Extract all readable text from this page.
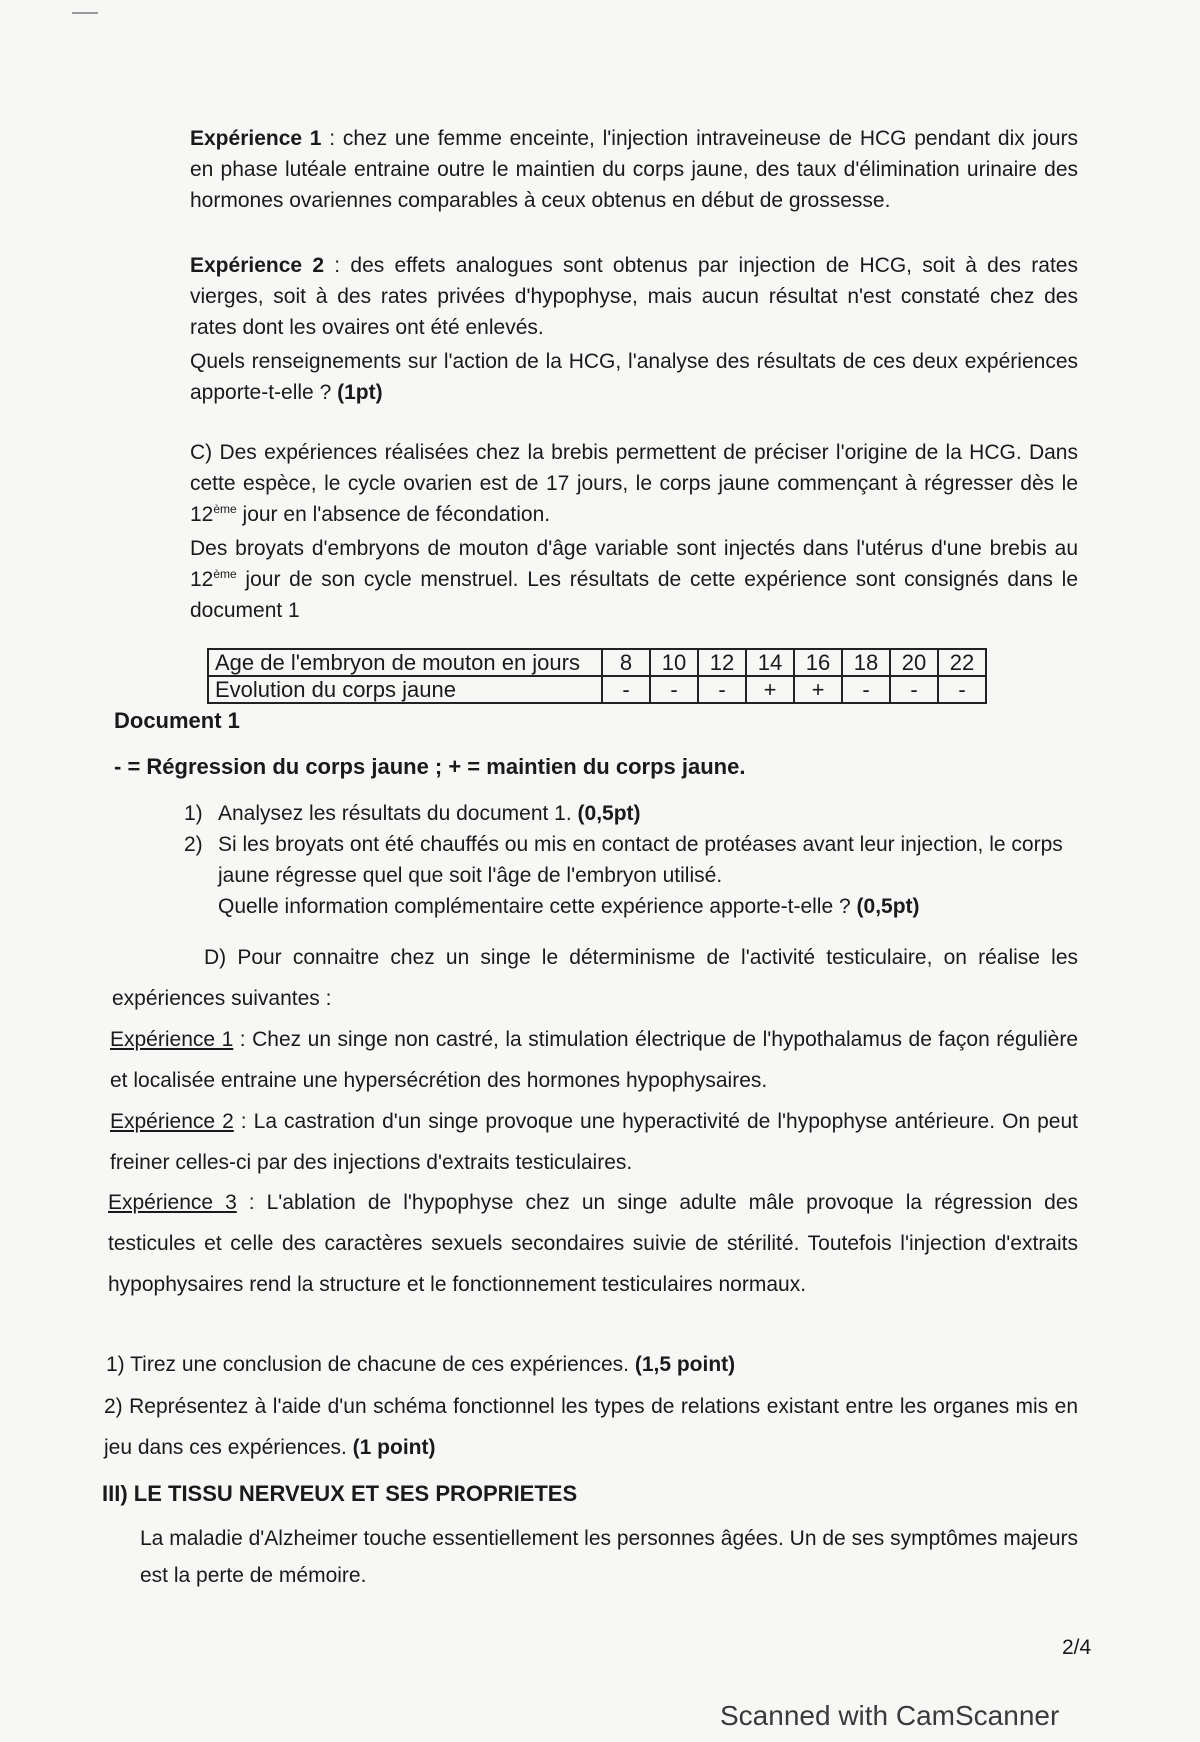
Expérience 1 : chez une femme enceinte, l'injection intraveineuse de HCG pendant dix jours en phase lutéale entraine outre le maintien du corps jaune, des taux d'élimination urinaire des hormones ovariennes comparables à ceux obtenus en début de grossesse.
Expérience 2 : des effets analogues sont obtenus par injection de HCG, soit à des rates vierges, soit à des rates privées d'hypophyse, mais aucun résultat n'est constaté chez des rates dont les ovaires ont été enlevés.
Quels renseignements sur l'action de la HCG, l'analyse des résultats de ces deux expériences apporte-t-elle ? (1pt)
C) Des expériences réalisées chez la brebis permettent de préciser l'origine de la HCG. Dans cette espèce, le cycle ovarien est de 17 jours, le corps jaune commençant à régresser dès le 12ème jour en l'absence de fécondation.
Des broyats d'embryons de mouton d'âge variable sont injectés dans l'utérus d'une brebis au 12ème jour de son cycle menstruel. Les résultats de cette expérience sont consignés dans le document 1
Age de l'embryon de mouton en jours	8	10	12	14	16	18	20	22
Evolution du corps jaune	-	-	-	+	+	-	-	-
Document 1
- = Régression du corps jaune ; + = maintien du corps jaune.
1) Analysez les résultats du document 1. (0,5pt)
2) Si les broyats ont été chauffés ou mis en contact de protéases avant leur injection, le corps jaune régresse quel que soit l'âge de l'embryon utilisé.
Quelle information complémentaire cette expérience apporte-t-elle ? (0,5pt)
D) Pour connaitre chez un singe le déterminisme de l'activité testiculaire, on réalise les expériences suivantes :
Expérience 1 : Chez un singe non castré, la stimulation électrique de l'hypothalamus de façon régulière et localisée entraine une hypersécrétion des hormones hypophysaires.
Expérience 2 : La castration d'un singe provoque une hyperactivité de l'hypophyse antérieure. On peut freiner celles-ci par des injections d'extraits testiculaires.
Expérience 3 : L'ablation de l'hypophyse chez un singe adulte mâle provoque la régression des testicules et celle des caractères sexuels secondaires suivie de stérilité. Toutefois l'injection d'extraits hypophysaires rend la structure et le fonctionnement testiculaires normaux.
1) Tirez une conclusion de chacune de ces expériences. (1,5 point)
2) Représentez à l'aide d'un schéma fonctionnel les types de relations existant entre les organes mis en jeu dans ces expériences. (1 point)
III) LE TISSU NERVEUX ET SES PROPRIETES
La maladie d'Alzheimer touche essentiellement les personnes âgées. Un de ses symptômes majeurs est la perte de mémoire.
2/4
Scanned with CamScanner
